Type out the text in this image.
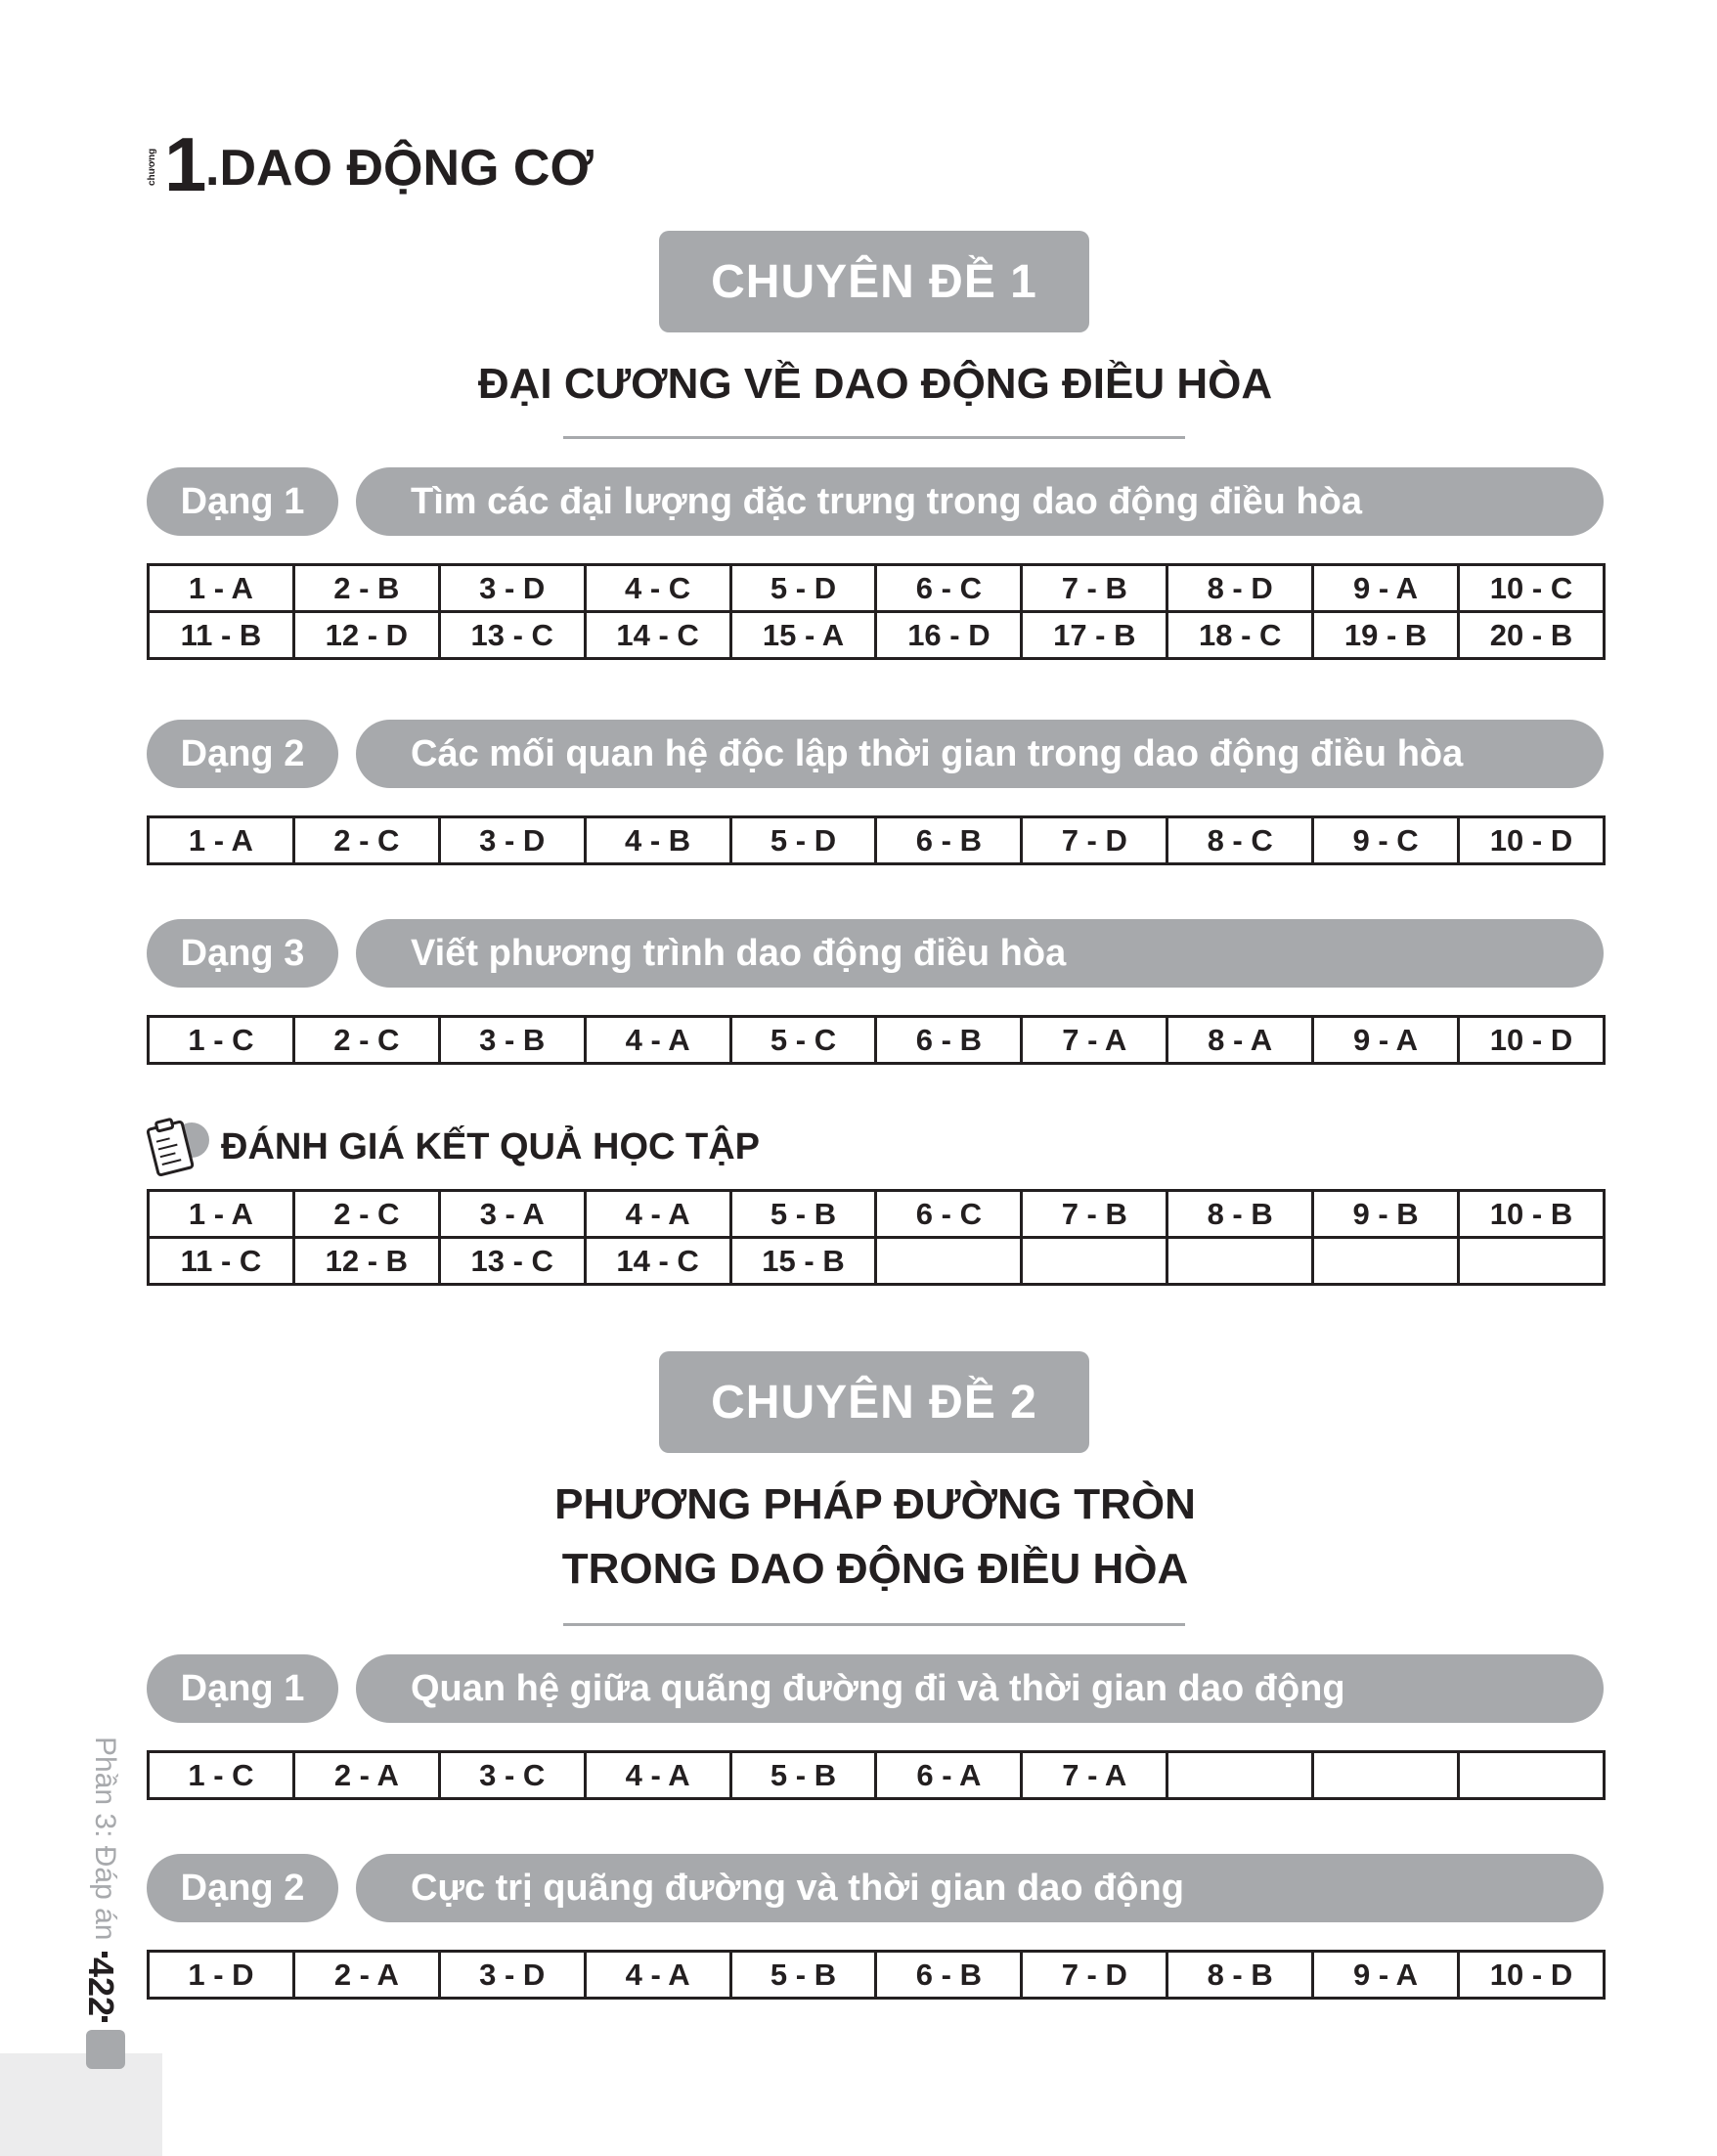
chương 1 .DAO ĐỘNG CƠ
CHUYÊN ĐỀ 1
ĐẠI CƯƠNG VỀ DAO ĐỘNG ĐIỀU HÒA
Dạng 1	Tìm các đại lượng đặc trưng trong dao động điều hòa
1 - A	2 - B	3 - D	4 - C	5 - D	6 - C	7 - B	8 - D	9 - A	10 - C
11 - B	12 - D	13 - C	14 - C	15 - A	16 - D	17 - B	18 - C	19 - B	20 - B
Dạng 2	Các mối quan hệ độc lập thời gian trong dao động điều hòa
1 - A	2 - C	3 - D	4 - B	5 - D	6 - B	7 - D	8 - C	9 - C	10 - D
Dạng 3	Viết phương trình dao động điều hòa
1 - C	2 - C	3 - B	4 - A	5 - C	6 - B	7 - A	8 - A	9 - A	10 - D
ĐÁNH GIÁ KẾT QUẢ HỌC TẬP
1 - A	2 - C	3 - A	4 - A	5 - B	6 - C	7 - B	8 - B	9 - B	10 - B
11 - C	12 - B	13 - C	14 - C	15 - B					
CHUYÊN ĐỀ 2
PHƯƠNG PHÁP ĐƯỜNG TRÒN
TRONG DAO ĐỘNG ĐIỀU HÒA
Dạng 1	Quan hệ giữa quãng đường đi và thời gian dao động
1 - C	2 - A	3 - C	4 - A	5 - B	6 - A	7 - A			
Dạng 2	Cực trị quãng đường và thời gian dao động
1 - D	2 - A	3 - D	4 - A	5 - B	6 - B	7 - D	8 - B	9 - A	10 - D
Phần 3: Đáp án
422
